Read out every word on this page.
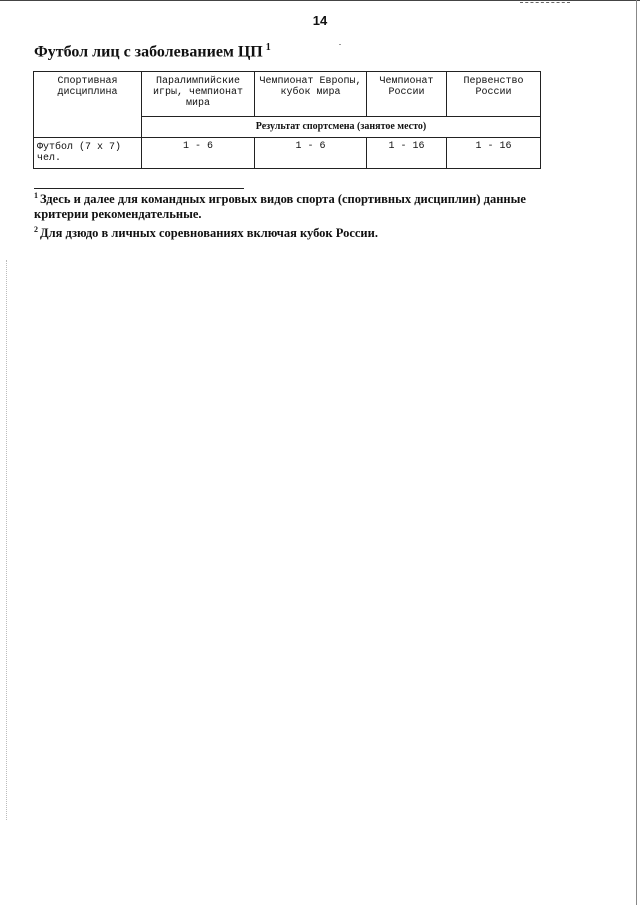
14
Футбол лиц с заболеванием ЦП $^1$
Спортивная дисциплина	Паралимпийские игры, чемпионат мира	Чемпионат Европы, кубок мира	Чемпионат России	Первенство России
	Результат спортсмена (занятое место)			
Футбол (7 х 7) чел.	1 - 6	1 - 6	1 - 16	1 - 16

$^1$ Здесь и далее для командных игровых видов спорта (спортивных дисциплин) данные критерии рекомендательные.

$^2$ Для дзюдо в личных соревнованиях включая кубок России.
